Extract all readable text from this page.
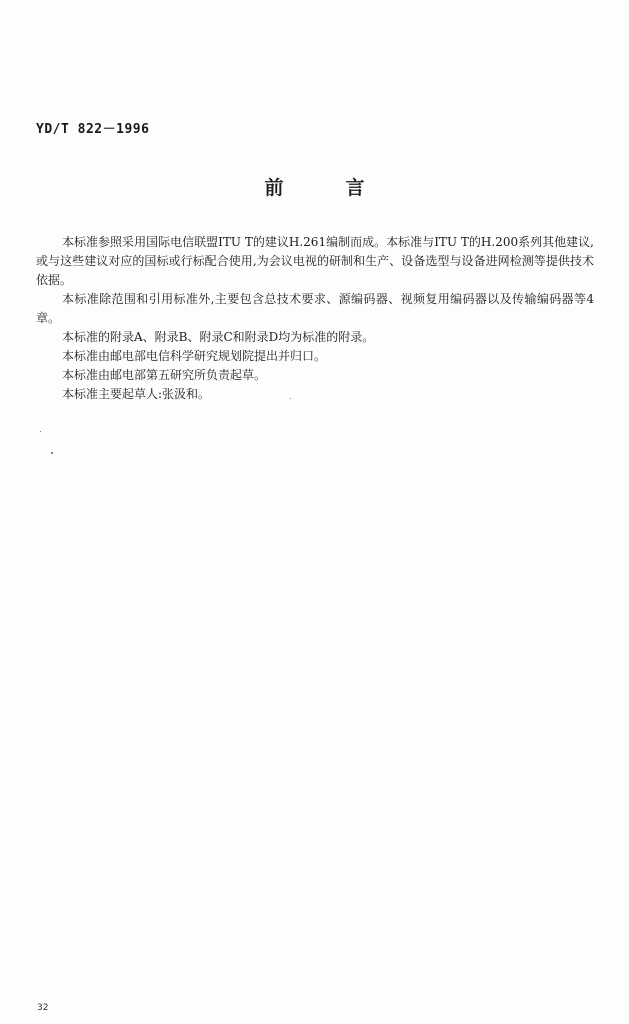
YD/T 822－1996
前	言

本标准参照采用国际电信联盟ITU T的建议H.261编制而成。本标准与ITU T的H.200系列其他建议,或与这些建议对应的国标或行标配合使用,为会议电视的研制和生产、设备选型与设备进网检测等提供技术依据。

本标准除范围和引用标准外,主要包含总技术要求、源编码器、视频复用编码器以及传输编码器等4章。

本标准的附录A、附录B、附录C和附录D均为标准的附录。

本标准由邮电部电信科学研究规划院提出并归口。

本标准由邮电部第五研究所负责起草。

本标准主要起草人:张汲和。

32
